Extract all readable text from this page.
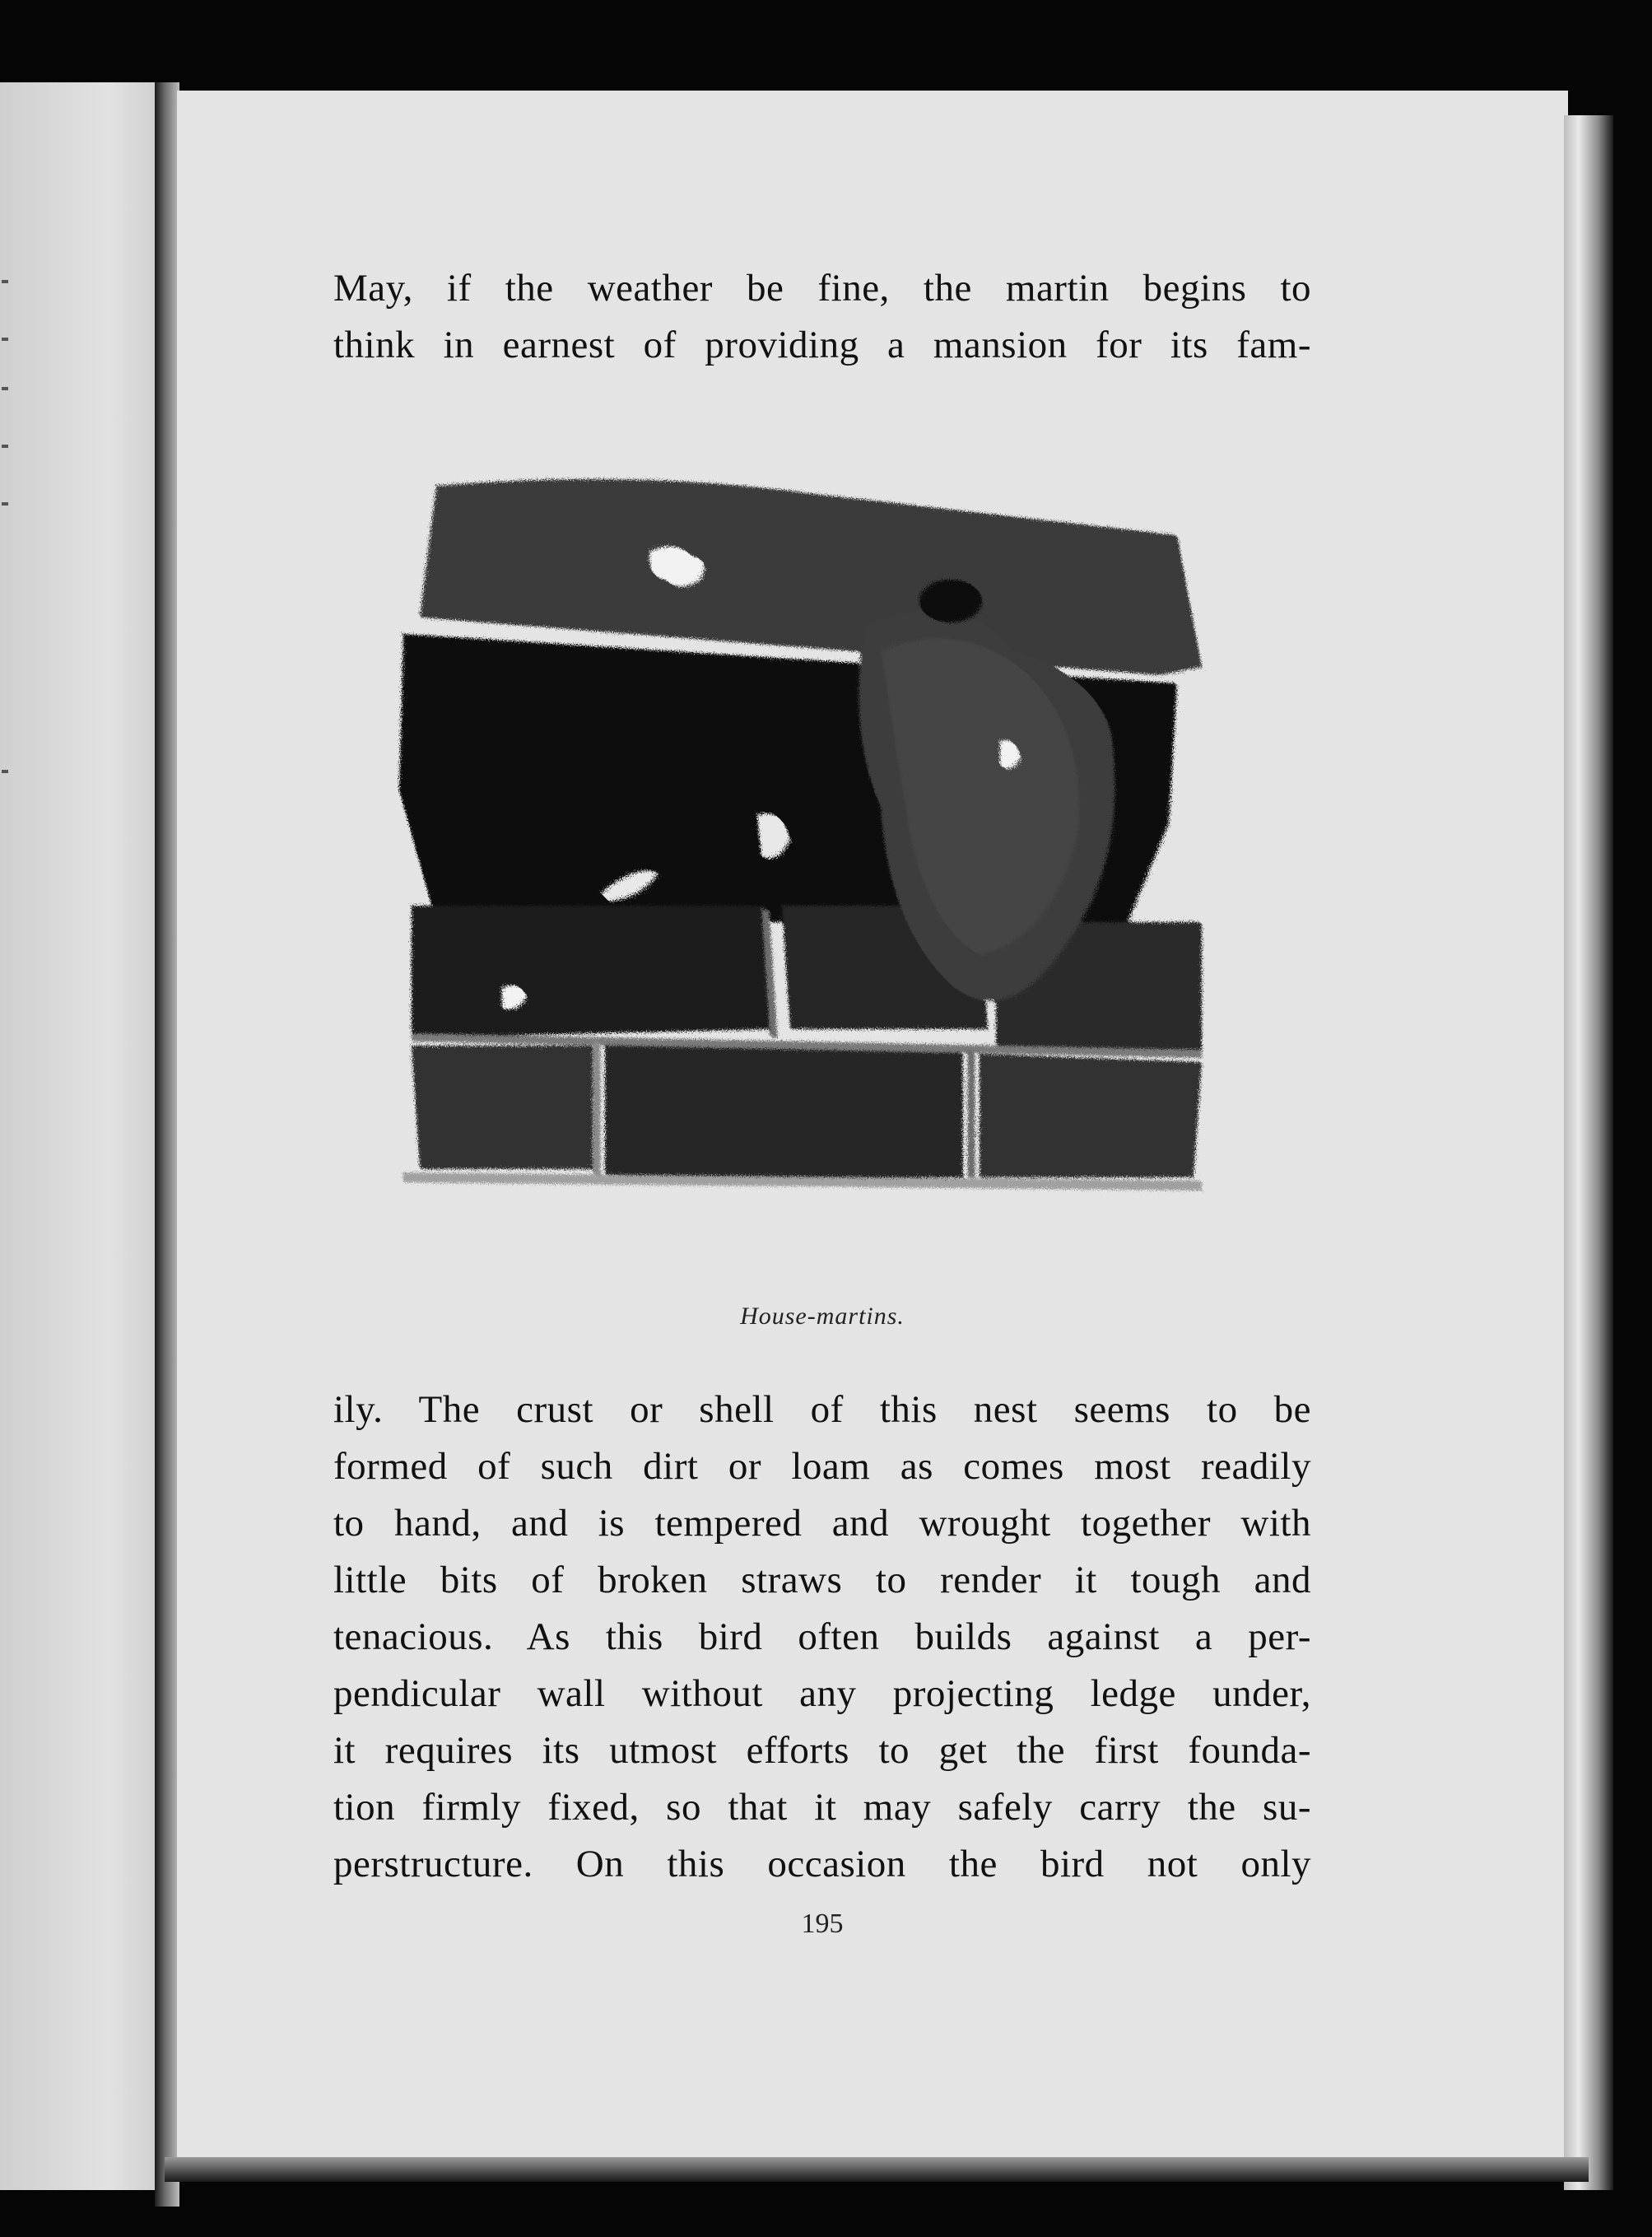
May, if the weather be fine, the martin begins to
think in earnest of providing a mansion for its fam-
House-martins.
ily. The crust or shell of this nest seems to be
formed of such dirt or loam as comes most readily
to hand, and is tempered and wrought together with
little bits of broken straws to render it tough and
tenacious. As this bird often builds against a per-
pendicular wall without any projecting ledge under,
it requires its utmost efforts to get the first founda-
tion firmly fixed, so that it may safely carry the su-
perstructure. On this occasion the bird not only
195
